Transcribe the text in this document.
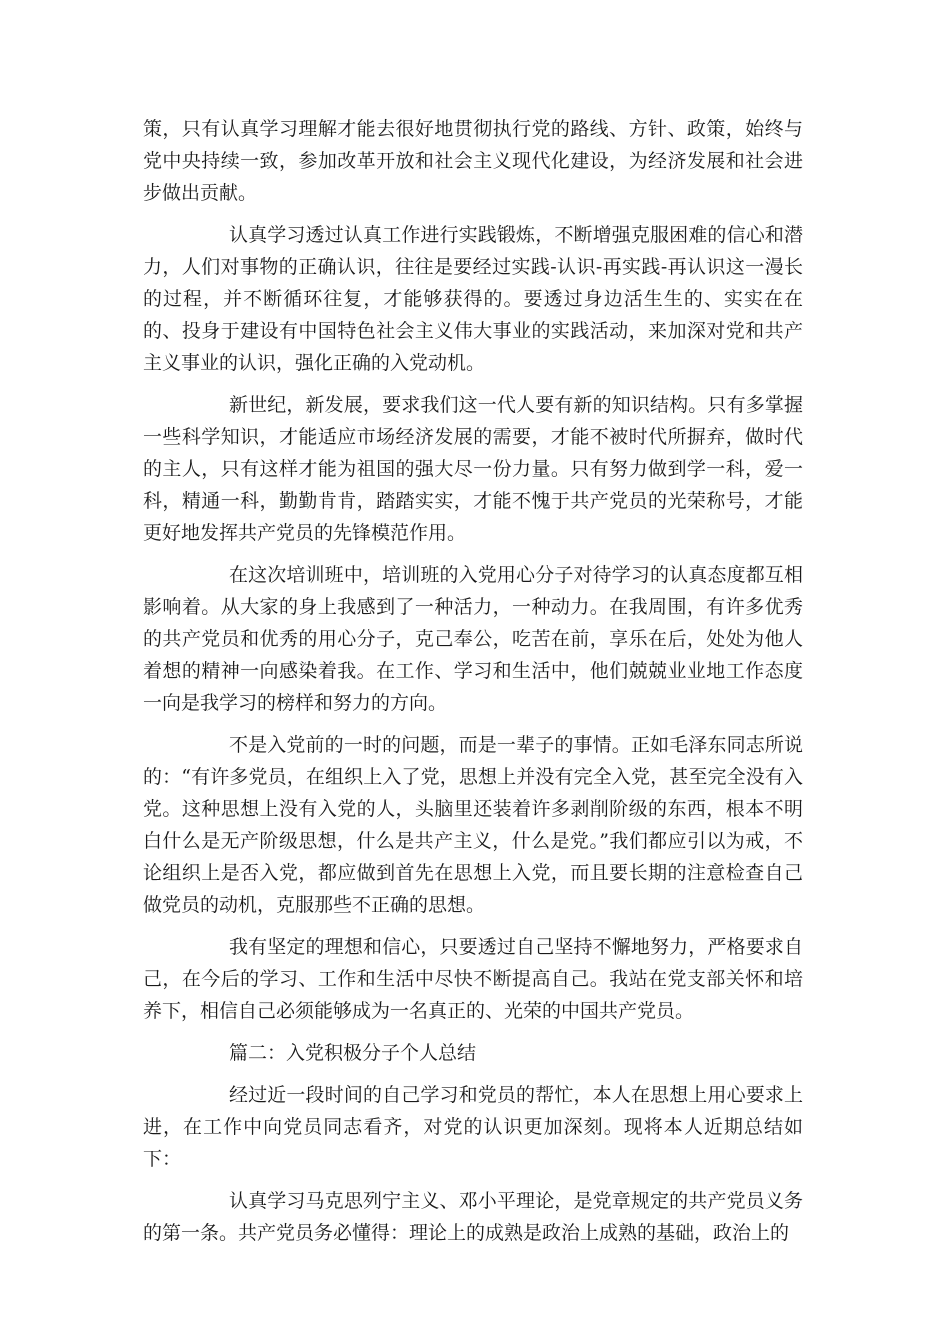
策，只有认真学习理解才能去很好地贯彻执行党的路线、方针、政策，始终与党中央持续一致，参加改革开放和社会主义现代化建设，为经济发展和社会进步做出贡献。

认真学习透过认真工作进行实践锻炼，不断增强克服困难的信心和潜力，人们对事物的正确认识，往往是要经过实践-认识-再实践-再认识这一漫长的过程，并不断循环往复，才能够获得的。要透过身边活生生的、实实在在的、投身于建设有中国特色社会主义伟大事业的实践活动，来加深对党和共产主义事业的认识，强化正确的入党动机。

新世纪，新发展，要求我们这一代人要有新的知识结构。只有多掌握一些科学知识，才能适应市场经济发展的需要，才能不被时代所摒弃，做时代的主人，只有这样才能为祖国的强大尽一份力量。只有努力做到学一科，爱一科，精通一科，勤勤肯肯，踏踏实实，才能不愧于共产党员的光荣称号，才能更好地发挥共产党员的先锋模范作用。

在这次培训班中，培训班的入党用心分子对待学习的认真态度都互相影响着。从大家的身上我感到了一种活力，一种动力。在我周围，有许多优秀的共产党员和优秀的用心分子，克己奉公，吃苦在前，享乐在后，处处为他人着想的精神一向感染着我。在工作、学习和生活中，他们兢兢业业地工作态度一向是我学习的榜样和努力的方向。

不是入党前的一时的问题，而是一辈子的事情。正如毛泽东同志所说的：“有许多党员，在组织上入了党，思想上并没有完全入党，甚至完全没有入党。这种思想上没有入党的人，头脑里还装着许多剥削阶级的东西，根本不明白什么是无产阶级思想，什么是共产主义，什么是党。”我们都应引以为戒，不论组织上是否入党，都应做到首先在思想上入党，而且要长期的注意检查自己做党员的动机，克服那些不正确的思想。

我有坚定的理想和信心，只要透过自己坚持不懈地努力，严格要求自己，在今后的学习、工作和生活中尽快不断提高自己。我站在党支部关怀和培养下，相信自己必须能够成为一名真正的、光荣的中国共产党员。

篇二：入党积极分子个人总结

经过近一段时间的自己学习和党员的帮忙，本人在思想上用心要求上进，在工作中向党员同志看齐，对党的认识更加深刻。现将本人近期总结如下：

认真学习马克思列宁主义、邓小平理论，是党章规定的共产党员义务的第一条。共产党员务必懂得：理论上的成熟是政治上成熟的基础，政治上的
